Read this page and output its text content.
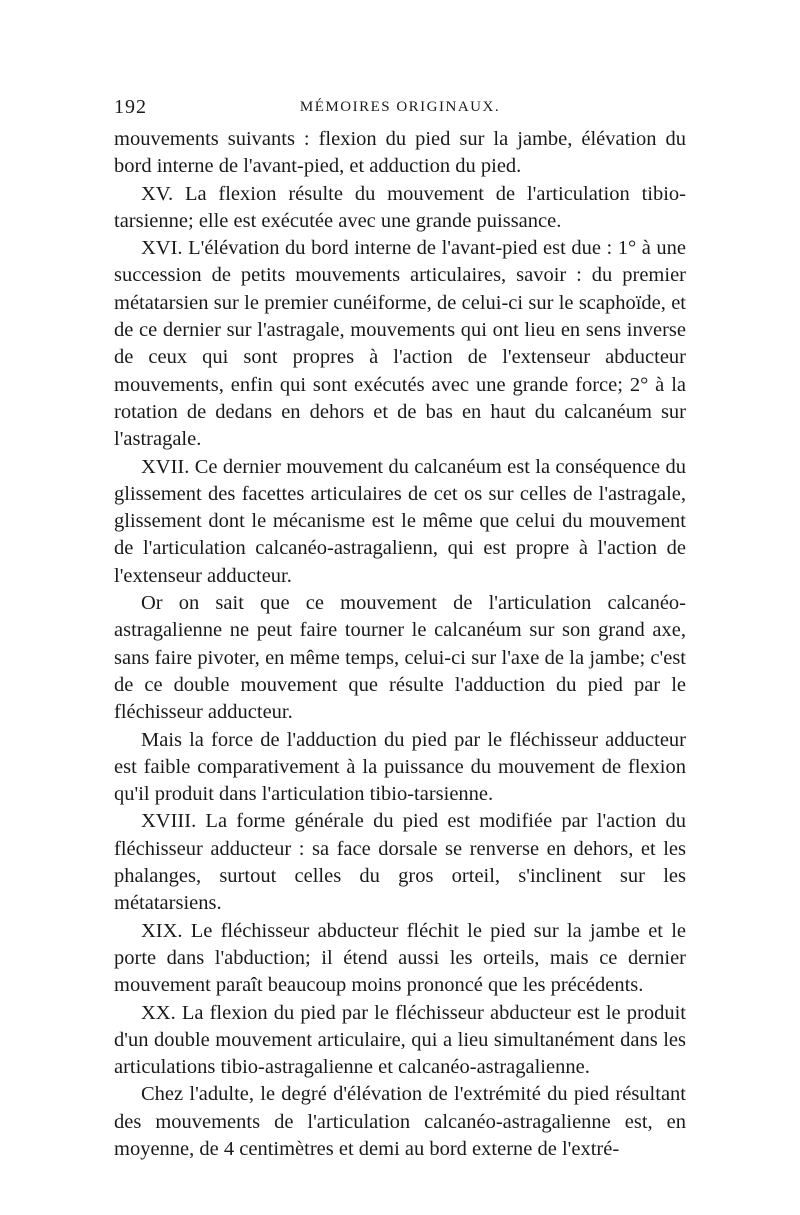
192	MÉMOIRES ORIGINAUX.

mouvements suivants : flexion du pied sur la jambe, élévation du bord interne de l'avant-pied, et adduction du pied.

XV. La flexion résulte du mouvement de l'articulation tibio-tarsienne; elle est exécutée avec une grande puissance.

XVI. L'élévation du bord interne de l'avant-pied est due : 1° à une succession de petits mouvements articulaires, savoir : du premier métatarsien sur le premier cunéiforme, de celui-ci sur le scaphoïde, et de ce dernier sur l'astragale, mouvements qui ont lieu en sens inverse de ceux qui sont propres à l'action de l'extenseur abducteur mouvements, enfin qui sont exécutés avec une grande force; 2° à la rotation de dedans en dehors et de bas en haut du calcanéum sur l'astragale.

XVII. Ce dernier mouvement du calcanéum est la conséquence du glissement des facettes articulaires de cet os sur celles de l'astragale, glissement dont le mécanisme est le même que celui du mouvement de l'articulation calcanéo-astragalienn, qui est propre à l'action de l'extenseur adducteur.

Or on sait que ce mouvement de l'articulation calcanéo-astragalienne ne peut faire tourner le calcanéum sur son grand axe, sans faire pivoter, en même temps, celui-ci sur l'axe de la jambe; c'est de ce double mouvement que résulte l'adduction du pied par le fléchisseur adducteur.

Mais la force de l'adduction du pied par le fléchisseur adducteur est faible comparativement à la puissance du mouvement de flexion qu'il produit dans l'articulation tibio-tarsienne.

XVIII. La forme générale du pied est modifiée par l'action du fléchisseur adducteur : sa face dorsale se renverse en dehors, et les phalanges, surtout celles du gros orteil, s'inclinent sur les métatarsiens.

XIX. Le fléchisseur abducteur fléchit le pied sur la jambe et le porte dans l'abduction; il étend aussi les orteils, mais ce dernier mouvement paraît beaucoup moins prononcé que les précédents.

XX. La flexion du pied par le fléchisseur abducteur est le produit d'un double mouvement articulaire, qui a lieu simultanément dans les articulations tibio-astragalienne et calcanéo-astragalienne.

Chez l'adulte, le degré d'élévation de l'extrémité du pied résultant des mouvements de l'articulation calcanéo-astragalienne est, en moyenne, de 4 centimètres et demi au bord externe de l'extré-
